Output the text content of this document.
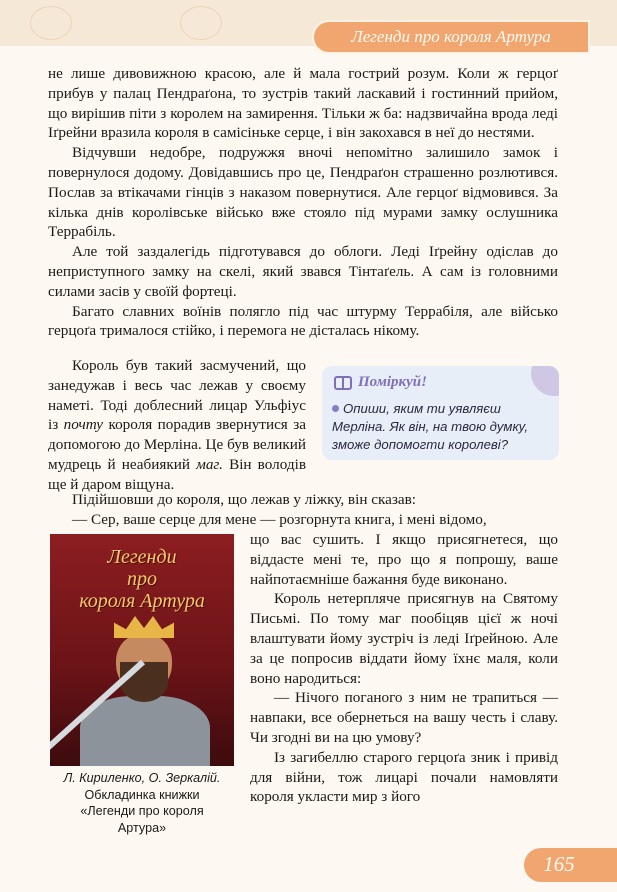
Легенди про короля Артура

не лише дивовижною красою, але й мала гострий розум. Коли ж герцоґ прибув у палац Пендраґона, то зустрів такий ласкавий і гостинний прийом, що вирішив піти з королем на замирення. Тільки ж ба: надзвичайна врода леді Іґрейни вразила короля в самісіньке серце, і він закохався в неї до нестями.

Відчувши недобре, подружжя вночі непомітно залишило замок і повернулося додому. Довідавшись про це, Пендраґон страшенно розлютився. Послав за втікачами гінців з наказом повернутися. Але герцоґ відмовився. За кілька днів королівське військо вже стояло під мурами замку ослушника Террабіль.

Але той заздалегідь підготувався до облоги. Леді Іґрейну одіслав до неприступного замку на скелі, який звався Тінтаґель. А сам із головними силами засів у своїй фортеці.

Багато славних воїнів полягло під час штурму Террабіля, але військо герцоґа трималося стійко, і перемога не дісталась нікому.

Король був такий засмучений, що занедужав і весь час лежав у своєму наметі. Тоді доблесний лицар Ульфіус із почту короля порадив звернутися за допомогою до Мерліна. Це був великий мудрець й неабиякий маг. Він володів ще й даром віщуна.

Поміркуй!
Опиши, яким ти уявляєш Мерліна. Як він, на твою думку, зможе допомогти королеві?

Підійшовши до короля, що лежав у ліжку, він сказав:

— Сер, ваше серце для мене — розгорнута книга, і мені відомо,

Легенди
про
короля Артура
Л. Кириленко, О. Зеркалій.
Обкладинка книжки
«Легенди про короля
Артура»

що вас сушить. І якщо присягнетеся, що віддасте мені те, про що я попрошу, ваше найпотаємніше бажання буде виконано.

Король нетерпляче присягнув на Святому Письмі. По тому маг пообіцяв цієї ж ночі влаштувати йому зустріч із леді Іґрейною. Але за це попросив віддати йому їхнє маля, коли воно народиться:

— Нічого поганого з ним не трапиться — навпаки, все обернеться на вашу честь і славу. Чи згодні ви на цю умову?

Із загибеллю старого герцоґа зник і привід для війни, тож лицарі почали намовляти короля укласти мир з його

165
